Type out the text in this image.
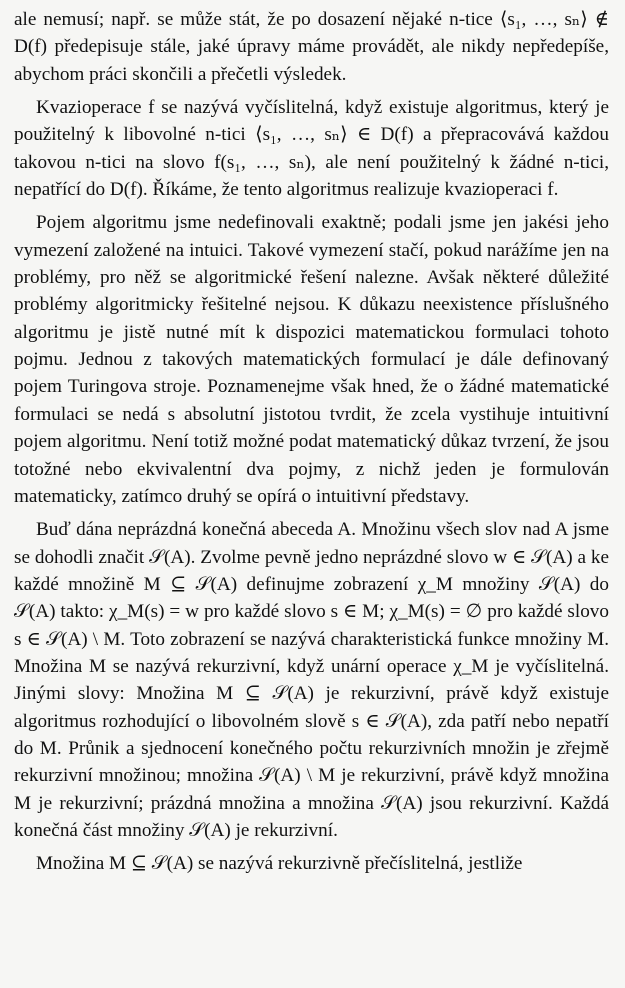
ale nemusí; např. se může stát, že po dosazení nějaké n-tice ⟨s₁, …, sₙ⟩ ∉ D(f) předepisuje stále, jaké úpravy máme provádět, ale nikdy nepředepíše, abychom práci skončili a přečetli výsledek.

Kvazioperace f se nazývá vyčíslitelná, když existuje algoritmus, který je použitelný k libovolné n-tici ⟨s₁, …, sₙ⟩ ∈ D(f) a přepracovává každou takovou n-tici na slovo f(s₁, …, sₙ), ale není použitelný k žádné n-tici, nepatřící do D(f). Říkáme, že tento algoritmus realizuje kvazioperaci f.

Pojem algoritmu jsme nedefinovali exaktně; podali jsme jen jakési jeho vymezení založené na intuici. Takové vymezení stačí, pokud narážíme jen na problémy, pro něž se algoritmické řešení nalezne. Avšak některé důležité problémy algoritmicky řešitelné nejsou. K důkazu neexistence příslušného algoritmu je jistě nutné mít k dispozici matematickou formulaci tohoto pojmu. Jednou z takových matematických formulací je dále definovaný pojem Turingova stroje. Poznamenejme však hned, že o žádné matematické formulaci se nedá s absolutní jistotou tvrdit, že zcela vystihuje intuitivní pojem algoritmu. Není totiž možné podat matematický důkaz tvrzení, že jsou totožné nebo ekvivalentní dva pojmy, z nichž jeden je formulován matematicky, zatímco druhý se opírá o intuitivní představy.

Buď dána neprázdná konečná abeceda A. Množinu všech slov nad A jsme se dohodli značit 𝒮(A). Zvolme pevně jedno neprázdné slovo w ∈ 𝒮(A) a ke každé množině M ⊆ 𝒮(A) definujme zobrazení χ_M množiny 𝒮(A) do 𝒮(A) takto: χ_M(s) = w pro každé slovo s ∈ M; χ_M(s) = ∅ pro každé slovo s ∈ 𝒮(A) \ M. Toto zobrazení se nazývá charakteristická funkce množiny M. Množina M se nazývá rekurzivní, když unární operace χ_M je vyčíslitelná. Jinými slovy: Množina M ⊆ 𝒮(A) je rekurzivní, právě když existuje algoritmus rozhodující o libovolném slově s ∈ 𝒮(A), zda patří nebo nepatří do M. Průnik a sjednocení konečného počtu rekurzivních množin je zřejmě rekurzivní množinou; množina 𝒮(A) \ M je rekurzivní, právě když množina M je rekurzivní; prázdná množina a množina 𝒮(A) jsou rekurzivní. Každá konečná část množiny 𝒮(A) je rekurzivní.

Množina M ⊆ 𝒮(A) se nazývá rekurzivně přečíslitelná, jestliže
